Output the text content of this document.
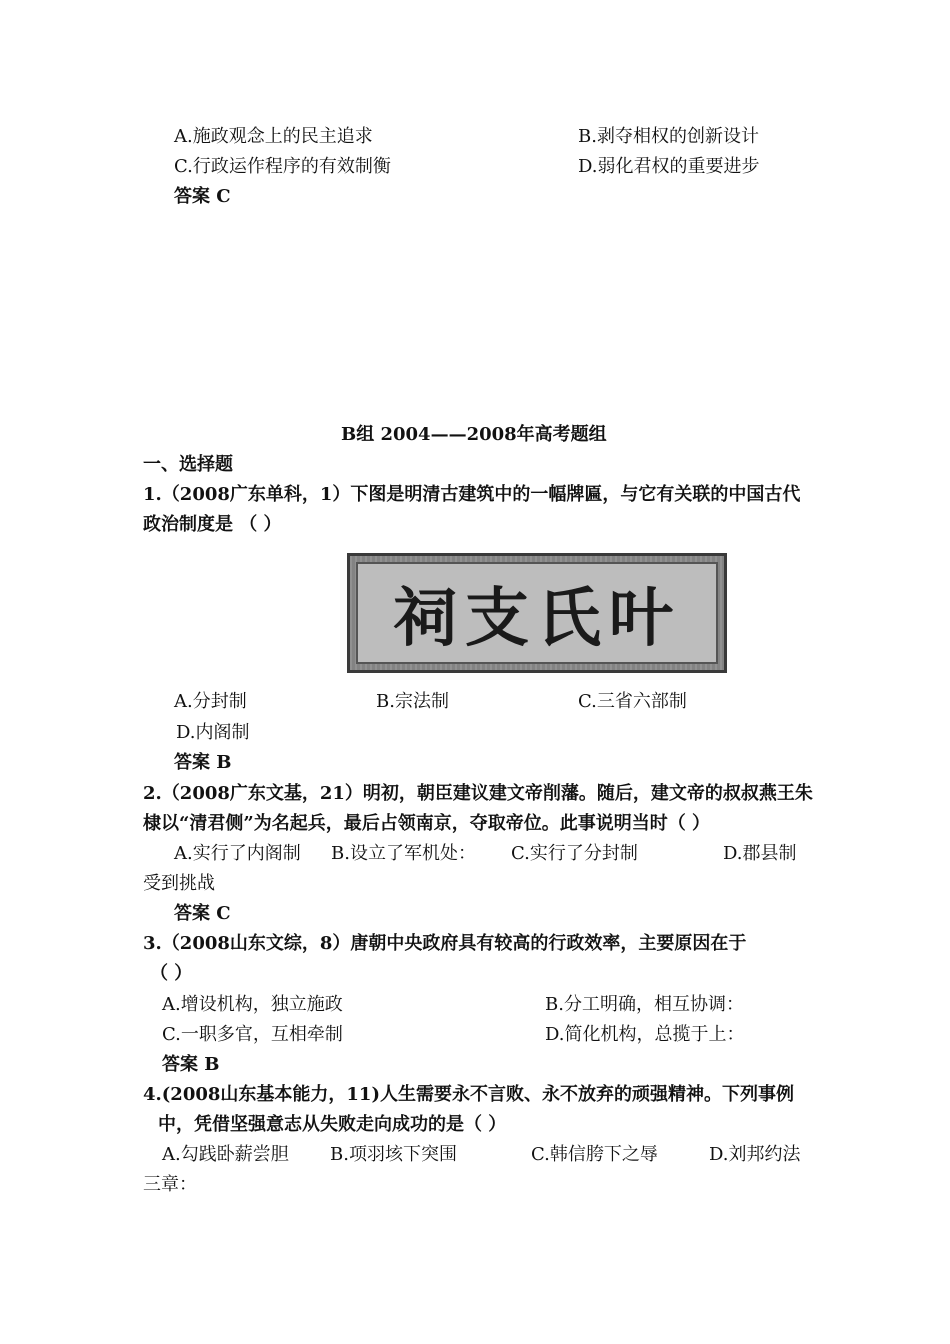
A.施政观念上的民主追求	B.剥夺相权的创新设计
C.行政运作程序的有效制衡	D.弱化君权的重要进步
答案 C
B组 2004——2008年高考题组
一、选择题
1.（2008广东单科，1）下图是明清古建筑中的一幅牌匾，与它有关联的中国古代
政治制度是 （ ）
祠支氏叶
A.分封制	B.宗法制	C.三省六部制
D.内阁制
答案 B
2.（2008广东文基，21）明初，朝臣建议建文帝削藩。随后，建文帝的叔叔燕王朱
棣以“清君侧”为名起兵，最后占领南京，夺取帝位。此事说明当时（ ）
A.实行了内阁制 B.设立了军机处： C.实行了分封制	D.郡县制
受到挑战
答案 C
3.（2008山东文综，8）唐朝中央政府具有较高的行政效率，主要原因在于
（ ）
A.增设机构，独立施政	B.分工明确，相互协调：
C.一职多官，互相牵制	D.简化机构，总揽于上：
答案 B
4.(2008山东基本能力，11)人生需要永不言败、永不放弃的顽强精神。下列事例
中，凭借坚强意志从失败走向成功的是（ ）
A.勾践卧薪尝胆 B.项羽垓下突围	C.韩信胯下之辱	D.刘邦约法
三章：
